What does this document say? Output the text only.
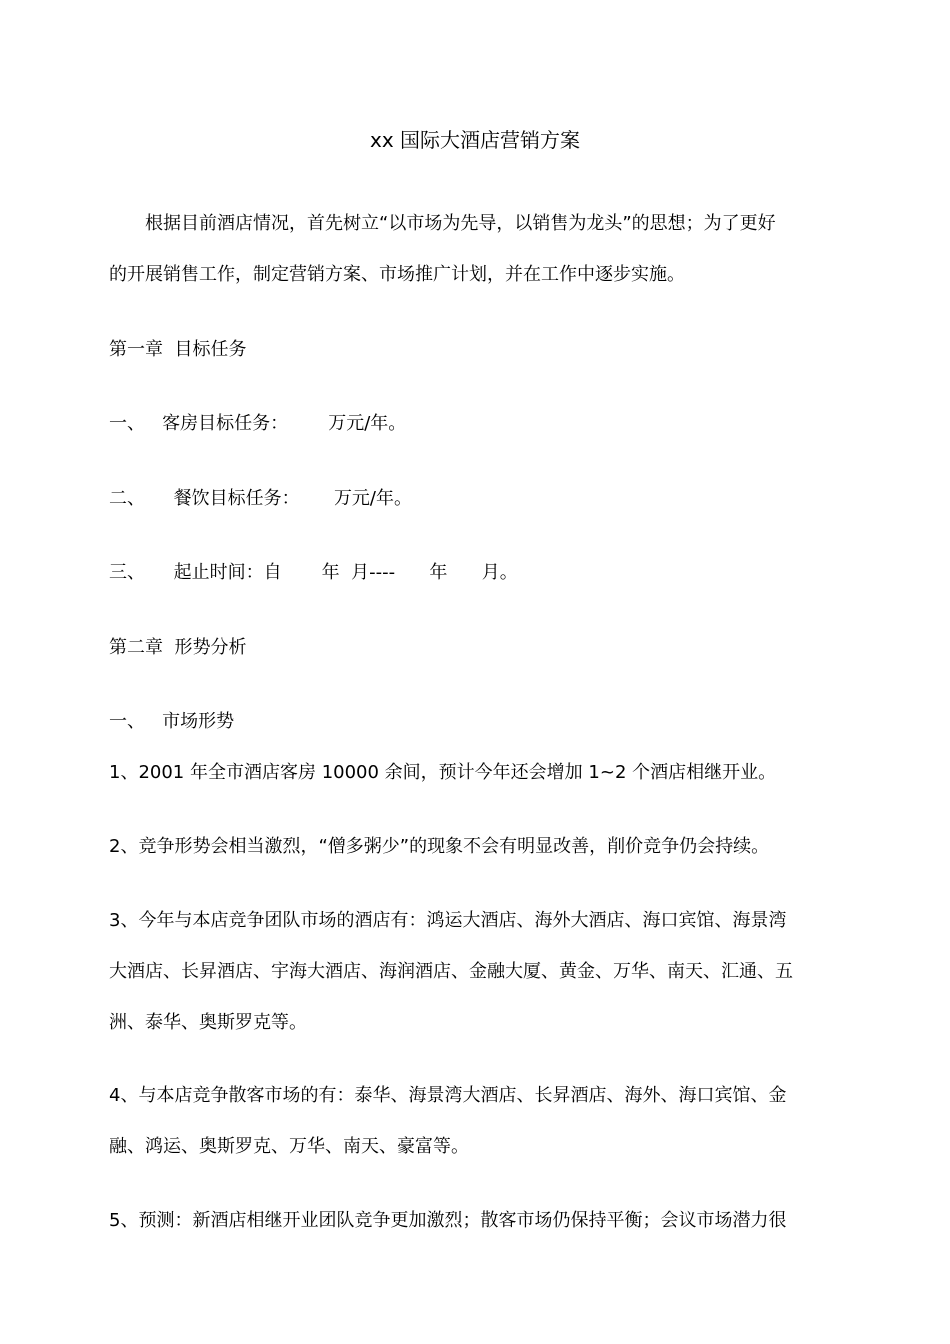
xx 国际大酒店营销方案
　　根据目前酒店情况，首先树立“以市场为先导，以销售为龙头”的思想；为了更好
的开展销售工作，制定营销方案、市场推广计划，并在工作中逐步实施。
第一章  目标任务
一、   客房目标任务：       万元/年。
二、     餐饮目标任务：      万元/年。
三、     起止时间：自       年  月----      年      月。
第二章  形势分析
一、   市场形势
1、2001 年全市酒店客房 10000 余间，预计今年还会增加 1~2 个酒店相继开业。
2、竞争形势会相当激烈，“僧多粥少”的现象不会有明显改善，削价竞争仍会持续。
3、今年与本店竞争团队市场的酒店有：鸿运大酒店、海外大酒店、海口宾馆、海景湾
大酒店、长昇酒店、宇海大酒店、海润酒店、金融大厦、黄金、万华、南天、汇通、五
洲、泰华、奥斯罗克等。
4、与本店竞争散客市场的有：泰华、海景湾大酒店、长昇酒店、海外、海口宾馆、金
融、鸿运、奥斯罗克、万华、南天、豪富等。
5、预测：新酒店相继开业团队竞争更加激烈；散客市场仍保持平衡；会议市场潜力很
